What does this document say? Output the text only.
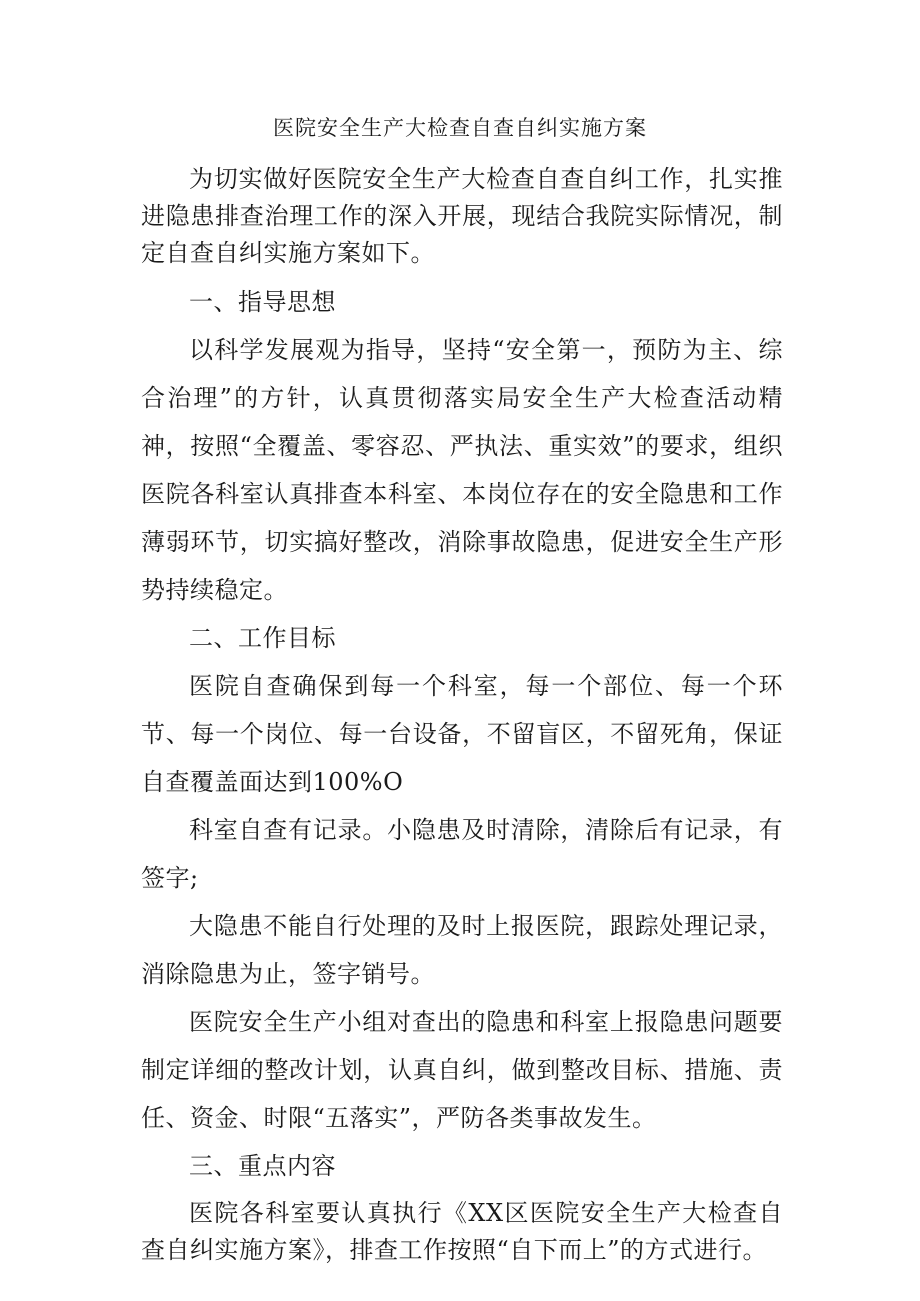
医院安全生产大检查自查自纠实施方案

为切实做好医院安全生产大检查自查自纠工作，扎实推进隐患排查治理工作的深入开展，现结合我院实际情况，制定自查自纠实施方案如下。

一、指导思想

以科学发展观为指导，坚持“安全第一，预防为主、综合治理”的方针，认真贯彻落实局安全生产大检查活动精神，按照“全覆盖、零容忍、严执法、重实效”的要求，组织医院各科室认真排查本科室、本岗位存在的安全隐患和工作薄弱环节，切实搞好整改，消除事故隐患，促进安全生产形势持续稳定。

二、工作目标

医院自查确保到每一个科室，每一个部位、每一个环节、每一个岗位、每一台设备，不留盲区，不留死角，保证自查覆盖面达到100%O

科室自查有记录。小隐患及时清除，清除后有记录，有签字;

大隐患不能自行处理的及时上报医院，跟踪处理记录，消除隐患为止，签字销号。

医院安全生产小组对查出的隐患和科室上报隐患问题要制定详细的整改计划，认真自纠，做到整改目标、措施、责任、资金、时限“五落实”，严防各类事故发生。

三、重点内容

医院各科室要认真执行《XX区医院安全生产大检查自查自纠实施方案》，排查工作按照“自下而上”的方式进行。
